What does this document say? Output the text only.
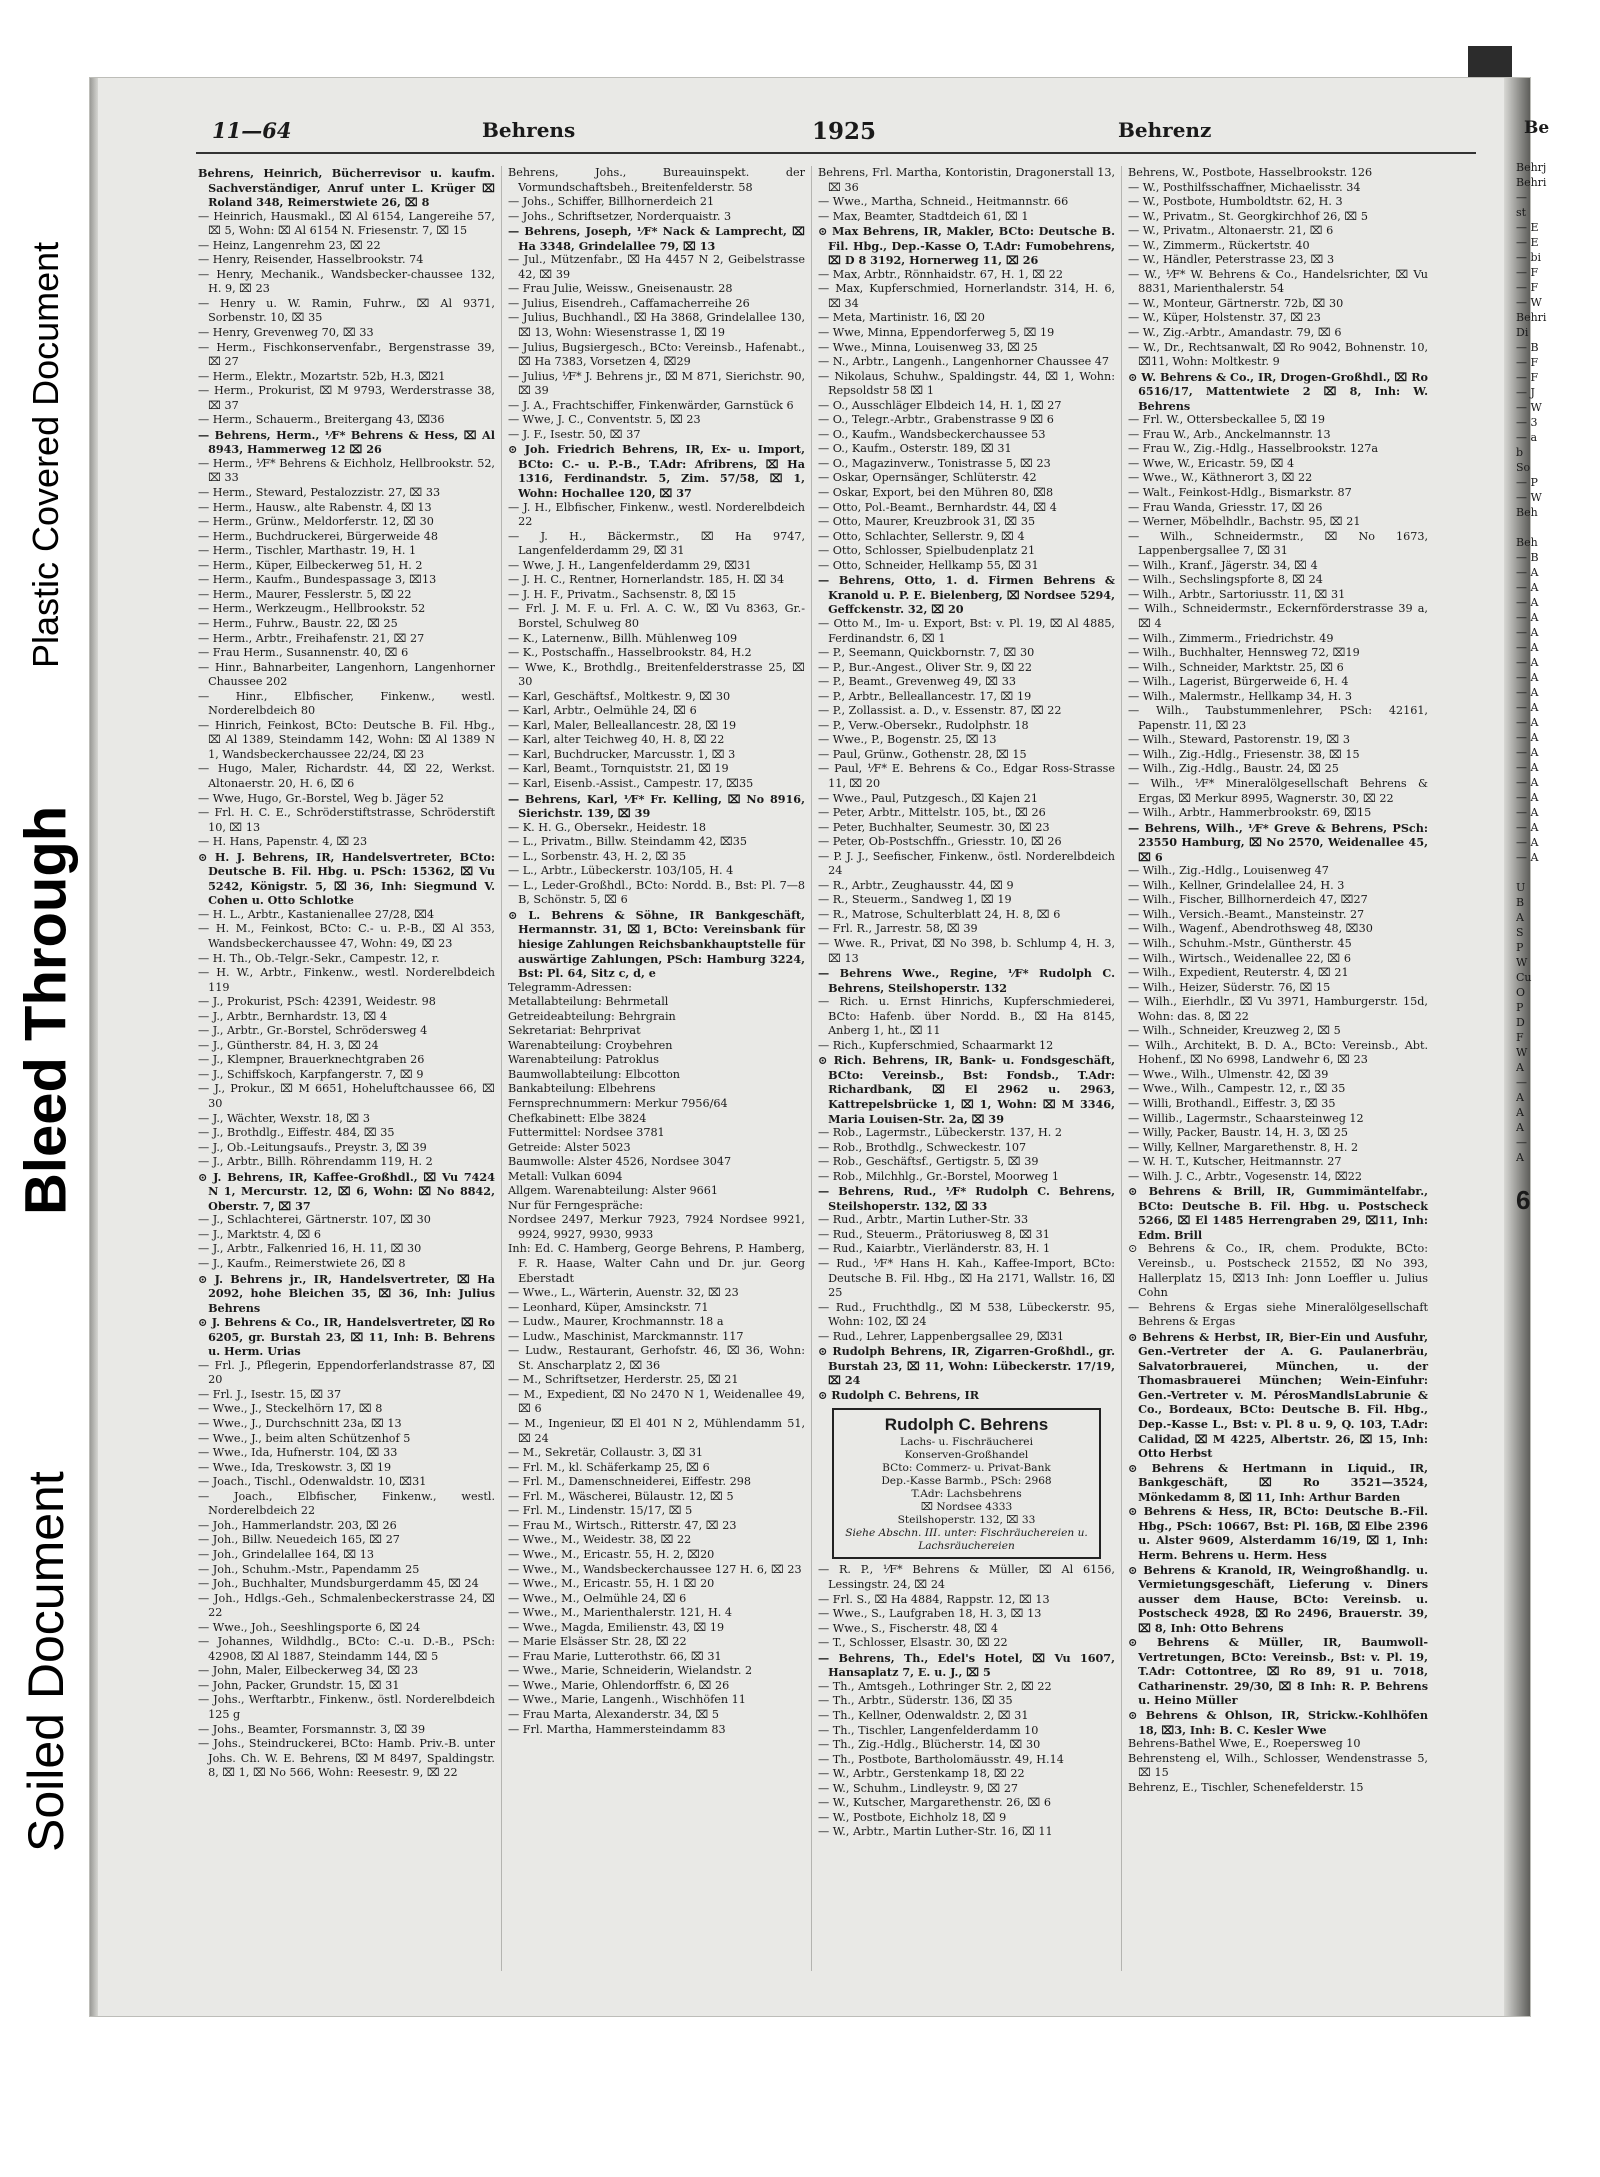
Soiled Document
Bleed Through
Plastic Covered Document
11—64	Behrens	1925	Behrenz	Be

Behrens, Heinrich, Bücherrevisor u. kaufm. Sachverständiger, Anruf unter L. Krüger ⌧ Roland 348, Reimerstwiete 26, ⌧ 8

— Heinrich, Hausmakl., ⌧ Al 6154, Langereihe 57, ⌧ 5, Wohn: ⌧ Al 6154 N. Friesenstr. 7, ⌧ 15

— Heinz, Langenrehm 23, ⌧ 22

— Henry, Reisender, Hasselbrookstr. 74

— Henry, Mechanik., Wandsbecker-chaussee 132, H. 9, ⌧ 23

— Henry u. W. Ramin, Fuhrw., ⌧ Al 9371, Sorbenstr. 10, ⌧ 35

— Henry, Grevenweg 70, ⌧ 33

— Herm., Fischkonservenfabr., Bergenstrasse 39, ⌧ 27

— Herm., Elektr., Mozartstr. 52b, H.3, ⌧21

— Herm., Prokurist, ⌧ M 9793, Werderstrasse 38, ⌧ 37

— Herm., Schauerm., Breitergang 43, ⌧36

— Behrens, Herm., ⅟F* Behrens & Hess, ⌧ Al 8943, Hammerweg 12 ⌧ 26

— Herm., ⅟F* Behrens & Eichholz, Hellbrookstr. 52, ⌧ 33

— Herm., Steward, Pestalozzistr. 27, ⌧ 33

— Herm., Hausw., alte Rabenstr. 4, ⌧ 13

— Herm., Grünw., Meldorferstr. 12, ⌧ 30

— Herm., Buchdruckerei, Bürgerweide 48

— Herm., Tischler, Marthastr. 19, H. 1

— Herm., Küper, Eilbeckerweg 51, H. 2

— Herm., Kaufm., Bundespassage 3, ⌧13

— Herm., Maurer, Fesslerstr. 5, ⌧ 22

— Herm., Werkzeugm., Hellbrookstr. 52

— Herm., Fuhrw., Baustr. 22, ⌧ 25

— Herm., Arbtr., Freihafenstr. 21, ⌧ 27

— Frau Herm., Susannenstr. 40, ⌧ 6

— Hinr., Bahnarbeiter, Langenhorn, Langenhorner Chaussee 202

— Hinr., Elbfischer, Finkenw., westl. Norderelbdeich 80

— Hinrich, Feinkost, BCto: Deutsche B. Fil. Hbg., ⌧ Al 1389, Steindamm 142, Wohn: ⌧ Al 1389 N 1, Wandsbeckerchaussee 22/24, ⌧ 23

— Hugo, Maler, Richardstr. 44, ⌧ 22, Werkst. Altonaerstr. 20, H. 6, ⌧ 6

— Wwe, Hugo, Gr.-Borstel, Weg b. Jäger 52

— Frl. H. C. E., Schröderstiftstrasse, Schröderstift 10, ⌧ 13

— H. Hans, Papenstr. 4, ⌧ 23

⊙ H. J. Behrens, IR, Handelsvertreter, BCto: Deutsche B. Fil. Hbg. u. PSch: 15362, ⌧ Vu 5242, Königstr. 5, ⌧ 36, Inh: Siegmund V. Cohen u. Otto Schlotke

— H. L., Arbtr., Kastanienallee 27/28, ⌧4

— H. M., Feinkost, BCto: C.- u. P.-B., ⌧ Al 353, Wandsbeckerchaussee 47, Wohn: 49, ⌧ 23

— H. Th., Ob.-Telgr.-Sekr., Campestr. 12, r.

— H. W., Arbtr., Finkenw., westl. Norderelbdeich 119

— J., Prokurist, PSch: 42391, Weidestr. 98

— J., Arbtr., Bernhardstr. 13, ⌧ 4

— J., Arbtr., Gr.-Borstel, Schrödersweg 4

— J., Güntherstr. 84, H. 3, ⌧ 24

— J., Klempner, Brauerknechtgraben 26

— J., Schiffskoch, Karpfangerstr. 7, ⌧ 9

— J., Prokur., ⌧ M 6651, Hoheluftchaussee 66, ⌧ 30

— J., Wächter, Wexstr. 18, ⌧ 3

— J., Brothdlg., Eiffestr. 484, ⌧ 35

— J., Ob.-Leitungsaufs., Preystr. 3, ⌧ 39

— J., Arbtr., Billh. Röhrendamm 119, H. 2

⊙ J. Behrens, IR, Kaffee-Großhdl., ⌧ Vu 7424 N 1, Mercurstr. 12, ⌧ 6, Wohn: ⌧ No 8842, Oberstr. 7, ⌧ 37

— J., Schlachterei, Gärtnerstr. 107, ⌧ 30

— J., Marktstr. 4, ⌧ 6

— J., Arbtr., Falkenried 16, H. 11, ⌧ 30

— J., Kaufm., Reimerstwiete 26, ⌧ 8

⊙ J. Behrens jr., IR, Handelsvertreter, ⌧ Ha 2092, hohe Bleichen 35, ⌧ 36, Inh: Julius Behrens

⊙ J. Behrens & Co., IR, Handelsvertreter, ⌧ Ro 6205, gr. Burstah 23, ⌧ 11, Inh: B. Behrens u. Herm. Urias

— Frl. J., Pflegerin, Eppendorferlandstrasse 87, ⌧ 20

— Frl. J., Isestr. 15, ⌧ 37

— Wwe., J., Steckelhörn 17, ⌧ 8

— Wwe., J., Durchschnitt 23a, ⌧ 13

— Wwe., J., beim alten Schützenhof 5

— Wwe., Ida, Hufnerstr. 104, ⌧ 33

— Wwe., Ida, Treskowstr. 3, ⌧ 19

— Joach., Tischl., Odenwaldstr. 10, ⌧31

— Joach., Elbfischer, Finkenw., westl. Norderelbdeich 22

— Joh., Hammerlandstr. 203, ⌧ 26

— Joh., Billw. Neuedeich 165, ⌧ 27

— Joh., Grindelallee 164, ⌧ 13

— Joh., Schuhm.-Mstr., Papendamm 25

— Joh., Buchhalter, Mundsburgerdamm 45, ⌧ 24

— Joh., Hdlgs.-Geh., Schmalenbeckerstrasse 24, ⌧ 22

— Wwe., Joh., Seeshlingsporte 6, ⌧ 24

— Johannes, Wildhdlg., BCto: C.-u. D.-B., PSch: 42908, ⌧ Al 1887, Steindamm 144, ⌧ 5

— John, Maler, Eilbeckerweg 34, ⌧ 23

— John, Packer, Grundstr. 15, ⌧ 31

— Johs., Werftarbtr., Finkenw., östl. Norderelbdeich 125 g

— Johs., Beamter, Forsmannstr. 3, ⌧ 39

— Johs., Steindruckerei, BCto: Hamb. Priv.-B. unter Johs. Ch. W. E. Behrens, ⌧ M 8497, Spaldingstr. 8, ⌧ 1, ⌧ No 566, Wohn: Reesestr. 9, ⌧ 22

Behrens, Johs., Bureauinspekt. der Vormundschaftsbeh., Breitenfelderstr. 58

— Johs., Schiffer, Billhornerdeich 21

— Johs., Schriftsetzer, Norderquaistr. 3

— Behrens, Joseph, ⅟F* Nack & Lamprecht, ⌧ Ha 3348, Grindelallee 79, ⌧ 13

— Jul., Mützenfabr., ⌧ Ha 4457 N 2, Geibelstrasse 42, ⌧ 39

— Frau Julie, Weissw., Gneisenaustr. 28

— Julius, Eisendreh., Caffamacherreihe 26

— Julius, Buchhandl., ⌧ Ha 3868, Grindelallee 130, ⌧ 13, Wohn: Wiesenstrasse 1, ⌧ 19

— Julius, Bugsiergesch., BCto: Vereinsb., Hafenabt., ⌧ Ha 7383, Vorsetzen 4, ⌧29

— Julius, ⅟F* J. Behrens jr., ⌧ M 871, Sierichstr. 90, ⌧ 39

— J. A., Frachtschiffer, Finkenwärder, Garnstück 6

— Wwe, J. C., Conventstr. 5, ⌧ 23

— J. F., Isestr. 50, ⌧ 37

⊙ Joh. Friedrich Behrens, IR, Ex- u. Import, BCto: C.- u. P.-B., T.Adr: Afribrens, ⌧ Ha 1316, Ferdinandstr. 5, Zim. 57/58, ⌧ 1, Wohn: Hochallee 120, ⌧ 37

— J. H., Elbfischer, Finkenw., westl. Norderelbdeich 22

— J. H., Bäckermstr., ⌧ Ha 9747, Langenfelderdamm 29, ⌧ 31

— Wwe, J. H., Langenfelderdamm 29, ⌧31

— J. H. C., Rentner, Hornerlandstr. 185, H. ⌧ 34

— J. H. F., Privatm., Sachsenstr. 8, ⌧ 15

— Frl. J. M. F. u. Frl. A. C. W., ⌧ Vu 8363, Gr.-Borstel, Schulweg 80

— K., Laternenw., Billh. Mühlenweg 109

— K., Postschaffn., Hasselbrookstr. 84, H.2

— Wwe, K., Brothdlg., Breitenfelderstrasse 25, ⌧ 30

— Karl, Geschäftsf., Moltkestr. 9, ⌧ 30

— Karl, Arbtr., Oelmühle 24, ⌧ 6

— Karl, Maler, Belleallancestr. 28, ⌧ 19

— Karl, alter Teichweg 40, H. 8, ⌧ 22

— Karl, Buchdrucker, Marcusstr. 1, ⌧ 3

— Karl, Beamt., Tornquiststr. 21, ⌧ 19

— Karl, Eisenb.-Assist., Campestr. 17, ⌧35

— Behrens, Karl, ⅟F* Fr. Kelling, ⌧ No 8916, Sierichstr. 139, ⌧ 39

— K. H. G., Obersekr., Heidestr. 18

— L., Privatm., Billw. Steindamm 42, ⌧35

— L., Sorbenstr. 43, H. 2, ⌧ 35

— L., Arbtr., Lübeckerstr. 103/105, H. 4

— L., Leder-Großhdl., BCto: Nordd. B., Bst: Pl. 7—8 B, Schönstr. 5, ⌧ 6

⊙ L. Behrens & Söhne, IR Bankgeschäft, Hermannstr. 31, ⌧ 1, BCto: Vereinsbank für hiesige Zahlungen Reichsbankhauptstelle für auswärtige Zahlungen, PSch: Hamburg 3224, Bst: Pl. 64, Sitz c, d, e

Telegramm-Adressen:

Metallabteilung: Behrmetall

Getreideabteilung: Behrgrain

Sekretariat: Behrprivat

Warenabteilung: Croybehren

Warenabteilung: Patroklus

Baumwollabteilung: Elbcotton

Bankabteilung: Elbehrens

Fernsprechnummern: Merkur 7956/64

Chefkabinett: Elbe 3824

Futtermittel: Nordsee 3781

Getreide: Alster 5023

Baumwolle: Alster 4526, Nordsee 3047

Metall: Vulkan 6094

Allgem. Warenabteilung: Alster 9661

Nur für Ferngespräche:

Nordsee 2497, Merkur 7923, 7924 Nordsee 9921, 9924, 9927, 9930, 9933

Inh: Ed. C. Hamberg, George Behrens, P. Hamberg, F. R. Haase, Walter Cahn und Dr. jur. Georg Eberstadt

— Wwe., L., Wärterin, Auenstr. 32, ⌧ 23

— Leonhard, Küper, Amsinckstr. 71

— Ludw., Maurer, Krochmannstr. 18 a

— Ludw., Maschinist, Marckmannstr. 117

— Ludw., Restaurant, Gerhofstr. 46, ⌧ 36, Wohn: St. Anscharplatz 2, ⌧ 36

— M., Schriftsetzer, Herderstr. 25, ⌧ 21

— M., Expedient, ⌧ No 2470 N 1, Weidenallee 49, ⌧ 6

— M., Ingenieur, ⌧ El 401 N 2, Mühlendamm 51, ⌧ 24

— M., Sekretär, Collaustr. 3, ⌧ 31

— Frl. M., kl. Schäferkamp 25, ⌧ 6

— Frl. M., Damenschneiderei, Eiffestr. 298

— Frl. M., Wäscherei, Bülaustr. 12, ⌧ 5

— Frl. M., Lindenstr. 15/17, ⌧ 5

— Frau M., Wirtsch., Ritterstr. 47, ⌧ 23

— Wwe., M., Weidestr. 38, ⌧ 22

— Wwe., M., Ericastr. 55, H. 2, ⌧20

— Wwe., M., Wandsbeckerchaussee 127 H. 6, ⌧ 23

— Wwe., M., Ericastr. 55, H. 1 ⌧ 20

— Wwe., M., Oelmühle 24, ⌧ 6

— Wwe., M., Marienthalerstr. 121, H. 4

— Wwe., Magda, Emilienstr. 43, ⌧ 19

— Marie Elsässer Str. 28, ⌧ 22

— Frau Marie, Lutterothstr. 66, ⌧ 31

— Wwe., Marie, Schneiderin, Wielandstr. 2

— Wwe., Marie, Ohlendorffstr. 6, ⌧ 26

— Wwe., Marie, Langenh., Wischhöfen 11

— Frau Marta, Alexanderstr. 34, ⌧ 5

— Frl. Martha, Hammersteindamm 83

Behrens, Frl. Martha, Kontoristin, Dragonerstall 13, ⌧ 36

— Wwe., Martha, Schneid., Heitmannstr. 66

— Max, Beamter, Stadtdeich 61, ⌧ 1

⊙ Max Behrens, IR, Makler, BCto: Deutsche B. Fil. Hbg., Dep.-Kasse O, T.Adr: Fumobehrens, ⌧ D 8 3192, Hornerweg 11, ⌧ 26

— Max, Arbtr., Rönnhaidstr. 67, H. 1, ⌧ 22

— Max, Kupferschmied, Hornerlandstr. 314, H. 6, ⌧ 34

— Meta, Martinistr. 16, ⌧ 20

— Wwe, Minna, Eppendorferweg 5, ⌧ 19

— Wwe., Minna, Louisenweg 33, ⌧ 25

— N., Arbtr., Langenh., Langenhorner Chaussee 47

— Nikolaus, Schuhw., Spaldingstr. 44, ⌧ 1, Wohn: Repsoldstr 58 ⌧ 1

— O., Ausschläger Elbdeich 14, H. 1, ⌧ 27

— O., Telegr.-Arbtr., Grabenstrasse 9 ⌧ 6

— O., Kaufm., Wandsbeckerchaussee 53

— O., Kaufm., Osterstr. 189, ⌧ 31

— O., Magazinverw., Tonistrasse 5, ⌧ 23

— Oskar, Opernsänger, Schlüterstr. 42

— Oskar, Export, bei den Mühren 80, ⌧8

— Otto, Pol.-Beamt., Bernhardstr. 44, ⌧ 4

— Otto, Maurer, Kreuzbrook 31, ⌧ 35

— Otto, Schlachter, Sellerstr. 9, ⌧ 4

— Otto, Schlosser, Spielbudenplatz 21

— Otto, Schneider, Hellkamp 55, ⌧ 31

— Behrens, Otto, 1. d. Firmen Behrens & Kranold u. P. E. Bielenberg, ⌧ Nordsee 5294, Geffckenstr. 32, ⌧ 20

— Otto M., Im- u. Export, Bst: v. Pl. 19, ⌧ Al 4885, Ferdinandstr. 6, ⌧ 1

— P., Seemann, Quickbornstr. 7, ⌧ 30

— P., Bur.-Angest., Oliver Str. 9, ⌧ 22

— P., Beamt., Grevenweg 49, ⌧ 33

— P., Arbtr., Belleallancestr. 17, ⌧ 19

— P., Zollassist. a. D., v. Essenstr. 87, ⌧ 22

— P., Verw.-Obersekr., Rudolphstr. 18

— Wwe., P., Bogenstr. 25, ⌧ 13

— Paul, Grünw., Gothenstr. 28, ⌧ 15

— Paul, ⅟F* E. Behrens & Co., Edgar Ross-Strasse 11, ⌧ 20

— Wwe., Paul, Putzgesch., ⌧ Kajen 21

— Peter, Arbtr., Mittelstr. 105, bt., ⌧ 26

— Peter, Buchhalter, Seumestr. 30, ⌧ 23

— Peter, Ob-Postschffn., Griesstr. 10, ⌧ 26

— P. J. J., Seefischer, Finkenw., östl. Norderelbdeich 24

— R., Arbtr., Zeughausstr. 44, ⌧ 9

— R., Steuerm., Sandweg 1, ⌧ 19

— R., Matrose, Schulterblatt 24, H. 8, ⌧ 6

— Frl. R., Jarrestr. 58, ⌧ 39

— Wwe. R., Privat, ⌧ No 398, b. Schlump 4, H. 3, ⌧ 13

— Behrens Wwe., Regine, ⅟F* Rudolph C. Behrens, Steilshoperstr. 132

— Rich. u. Ernst Hinrichs, Kupferschmiederei, BCto: Hafenb. über Nordd. B., ⌧ Ha 8145, Anberg 1, ht., ⌧ 11

— Rich., Kupferschmied, Schaarmarkt 12

⊙ Rich. Behrens, IR, Bank- u. Fondsgeschäft, BCto: Vereinsb., Bst: Fondsb., T.Adr: Richardbank, ⌧ El 2962 u. 2963, Kattrepelsbrücke 1, ⌧ 1, Wohn: ⌧ M 3346, Maria Louisen-Str. 2a, ⌧ 39

— Rob., Lagermstr., Lübeckerstr. 137, H. 2

— Rob., Brothdlg., Schweckestr. 107

— Rob., Geschäftsf., Gertigstr. 5, ⌧ 39

— Rob., Milchhlg., Gr.-Borstel, Moorweg 1

— Behrens, Rud., ⅟F* Rudolph C. Behrens, Steilshoperstr. 132, ⌧ 33

— Rud., Arbtr., Martin Luther-Str. 33

— Rud., Steuerm., Prätoriusweg 8, ⌧ 31

— Rud., Kaiarbtr., Vierländerstr. 83, H. 1

— Rud., ⅟F* Hans H. Kah., Kaffee-Import, BCto: Deutsche B. Fil. Hbg., ⌧ Ha 2171, Wallstr. 16, ⌧ 25

— Rud., Fruchthdlg., ⌧ M 538, Lübeckerstr. 95, Wohn: 102, ⌧ 24

— Rud., Lehrer, Lappenbergsallee 29, ⌧31

⊙ Rudolph Behrens, IR, Zigarren-Großhdl., gr. Burstah 23, ⌧ 11, Wohn: Lübeckerstr. 17/19, ⌧ 24

⊙ Rudolph C. Behrens, IR

Rudolph C. Behrens
Lachs- u. Fischräucherei
Konserven-Großhandel
BCto: Commerz- u. Privat-Bank
Dep.-Kasse Barmb., PSch: 2968
T.Adr: Lachsbehrens
⌧ Nordsee 4333
Steilshoperstr. 132, ⌧ 33
Siehe Abschn. III. unter: Fischräuchereien u. Lachsräuchereien

— R. P., ⅟F* Behrens & Müller, ⌧ Al 6156, Lessingstr. 24, ⌧ 24

— Frl. S., ⌧ Ha 4884, Rappstr. 12, ⌧ 13

— Wwe., S., Laufgraben 18, H. 3, ⌧ 13

— Wwe., S., Fischerstr. 48, ⌧ 4

— T., Schlosser, Elsastr. 30, ⌧ 22

— Behrens, Th., Edel's Hotel, ⌧ Vu 1607, Hansaplatz 7, E. u. J., ⌧ 5

— Th., Amtsgeh., Lothringer Str. 2, ⌧ 22

— Th., Arbtr., Süderstr. 136, ⌧ 35

— Th., Kellner, Odenwaldstr. 2, ⌧ 31

— Th., Tischler, Langenfelderdamm 10

— Th., Zig.-Hdlg., Blücherstr. 14, ⌧ 30

— Th., Postbote, Bartholomäusstr. 49, H.14

— W., Arbtr., Gerstenkamp 18, ⌧ 22

— W., Schuhm., Lindleystr. 9, ⌧ 27

— W., Kutscher, Margarethenstr. 26, ⌧ 6

— W., Postbote, Eichholz 18, ⌧ 9

— W., Arbtr., Martin Luther-Str. 16, ⌧ 11

Behrens, W., Postbote, Hasselbrookstr. 126

— W., Posthilfsschaffner, Michaelisstr. 34

— W., Postbote, Humboldtstr. 62, H. 3

— W., Privatm., St. Georgkirchhof 26, ⌧ 5

— W., Privatm., Altonaerstr. 21, ⌧ 6

— W., Zimmerm., Rückertstr. 40

— W., Händler, Peterstrasse 23, ⌧ 3

— W., ⅟F* W. Behrens & Co., Handelsrichter, ⌧ Vu 8831, Marienthalerstr. 54

— W., Monteur, Gärtnerstr. 72b, ⌧ 30

— W., Küper, Holstenstr. 37, ⌧ 23

— W., Zig.-Arbtr., Amandastr. 79, ⌧ 6

— W., Dr., Rechtsanwalt, ⌧ Ro 9042, Bohnenstr. 10, ⌧11, Wohn: Moltkestr. 9

⊙ W. Behrens & Co., IR, Drogen-Großhdl., ⌧ Ro 6516/17, Mattentwiete 2 ⌧ 8, Inh: W. Behrens

— Frl. W., Ottersbeckallee 5, ⌧ 19

— Frau W., Arb., Anckelmannstr. 13

— Frau W., Zig.-Hdlg., Hasselbrookstr. 127a

— Wwe, W., Ericastr. 59, ⌧ 4

— Wwe., W., Käthnerort 3, ⌧ 22

— Walt., Feinkost-Hdlg., Bismarkstr. 87

— Frau Wanda, Griesstr. 17, ⌧ 26

— Werner, Möbelhdlr., Bachstr. 95, ⌧ 21

— Wilh., Schneidermstr., ⌧ No 1673, Lappenbergsallee 7, ⌧ 31

— Wilh., Kranf., Jägerstr. 34, ⌧ 4

— Wilh., Sechslingspforte 8, ⌧ 24

— Wilh., Arbtr., Sartoriusstr. 11, ⌧ 31

— Wilh., Schneidermstr., Eckernförderstrasse 39 a, ⌧ 4

— Wilh., Zimmerm., Friedrichstr. 49

— Wilh., Buchhalter, Hennsweg 72, ⌧19

— Wilh., Schneider, Marktstr. 25, ⌧ 6

— Wilh., Lagerist, Bürgerweide 6, H. 4

— Wilh., Malermstr., Hellkamp 34, H. 3

— Wilh., Taubstummenlehrer, PSch: 42161, Papenstr. 11, ⌧ 23

— Wilh., Steward, Pastorenstr. 19, ⌧ 3

— Wilh., Zig.-Hdlg., Friesenstr. 38, ⌧ 15

— Wilh., Zig.-Hdlg., Baustr. 24, ⌧ 25

— Wilh., ⅟F* Mineralölgesellschaft Behrens & Ergas, ⌧ Merkur 8995, Wagnerstr. 30, ⌧ 22

— Wilh., Arbtr., Hammerbrookstr. 69, ⌧15

— Behrens, Wilh., ⅟F* Greve & Behrens, PSch: 23550 Hamburg, ⌧ No 2570, Weidenallee 45, ⌧ 6

— Wilh., Zig.-Hdlg., Louisenweg 47

— Wilh., Kellner, Grindelallee 24, H. 3

— Wilh., Fischer, Billhornerdeich 47, ⌧27

— Wilh., Versich.-Beamt., Mansteinstr. 27

— Wilh., Wagenf., Abendrothsweg 48, ⌧30

— Wilh., Schuhm.-Mstr., Güntherstr. 45

— Wilh., Wirtsch., Weidenallee 22, ⌧ 6

— Wilh., Expedient, Reuterstr. 4, ⌧ 21

— Wilh., Heizer, Süderstr. 76, ⌧ 15

— Wilh., Eierhdlr., ⌧ Vu 3971, Hamburgerstr. 15d, Wohn: das. 8, ⌧ 22

— Wilh., Schneider, Kreuzweg 2, ⌧ 5

— Wilh., Architekt, B. D. A., BCto: Vereinsb., Abt. Hohenf., ⌧ No 6998, Landwehr 6, ⌧ 23

— Wwe., Wilh., Ulmenstr. 42, ⌧ 39

— Wwe., Wilh., Campestr. 12, r., ⌧ 35

— Willi, Brothandl., Eiffestr. 3, ⌧ 35

— Willib., Lagermstr., Schaarsteinweg 12

— Willy, Packer, Baustr. 14, H. 3, ⌧ 25

— Willy, Kellner, Margarethenstr. 8, H. 2

— W. H. T., Kutscher, Heitmannstr. 27

— Wilh. J. C., Arbtr., Vogesenstr. 14, ⌧22

⊙ Behrens & Brill, IR, Gummimäntelfabr., BCto: Deutsche B. Fil. Hbg. u. Postscheck 5266, ⌧ El 1485 Herrengraben 29, ⌧11, Inh: Edm. Brill

⊙ Behrens & Co., IR, chem. Produkte, BCto: Vereinsb., u. Postscheck 21552, ⌧ No 393, Hallerplatz 15, ⌧13 Inh: Jonn Loeffler u. Julius Cohn

— Behrens & Ergas siehe Mineralölgesellschaft Behrens & Ergas

⊙ Behrens & Herbst, IR, Bier-Ein und Ausfuhr, Gen.-Vertreter der A. G. Paulanerbräu, Salvatorbrauerei, München, u. der Thomasbrauerei München; Wein-Einfuhr: Gen.-Vertreter v. M. PérosMandlsLabrunie & Co., Bordeaux, BCto: Deutsche B. Fil. Hbg., Dep.-Kasse L., Bst: v. Pl. 8 u. 9, Q. 103, T.Adr: Calidad, ⌧ M 4225, Albertstr. 26, ⌧ 15, Inh: Otto Herbst

⊙ Behrens & Hertmann in Liquid., IR, Bankgeschäft, ⌧ Ro 3521—3524, Mönkedamm 8, ⌧ 11, Inh: Arthur Barden

⊙ Behrens & Hess, IR, BCto: Deutsche B.-Fil. Hbg., PSch: 10667, Bst: Pl. 16B, ⌧ Elbe 2396 u. Alster 9609, Alsterdamm 16/19, ⌧ 1, Inh: Herm. Behrens u. Herm. Hess

⊙ Behrens & Kranold, IR, Weingroßhandlg. u. Vermietungsgeschäft, Lieferung v. Diners ausser dem Hause, BCto: Vereinsb. u. Postscheck 4928, ⌧ Ro 2496, Brauerstr. 39, ⌧ 8, Inh: Otto Behrens

⊙ Behrens & Müller, IR, Baumwoll-Vertretungen, BCto: Vereinsb., Bst: v. Pl. 19, T.Adr: Cottontree, ⌧ Ro 89, 91 u. 7018, Catharinenstr. 29/30, ⌧ 8 Inh: R. P. Behrens u. Heino Müller

⊙ Behrens & Ohlson, IR, Strickw.-Kohlhöfen 18, ⌧3, Inh: B. C. Kesler Wwe

Behrens-Bathel Wwe, E., Roepersweg 10

Behrensteng el, Wilh., Schlosser, Wendenstrasse 5, ⌧ 15

Behrenz, E., Tischler, Schenefelderstr. 15

Behrj

Behri

—

st

— E

— E

— bi

— F

— F

— W

Behri

Di

— B

— F

— F

— J

— W

— 3

— a

b

So

— P

— W

Beh

Beh

— B

— A

— A

— A

— A

— A

— A

— A

— A

— A

— A

— A

— A

— A

— A

— A

— A

— A

— A

— A

— A

U

B

A

S

P

W

Cu

O

P

D

F

W

A

—

A

A

A

—

A

6
